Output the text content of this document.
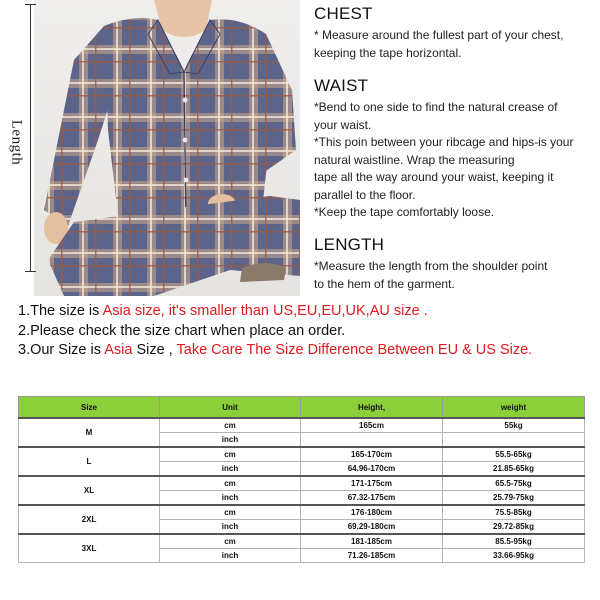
Length
CHEST

* Measure around the fullest part of your chest,

keeping the tape horizontal.

WAIST

*Bend to one side to find the natural crease of

your waist.

*This poin between your ribcage and hips-is your

natural waistline. Wrap the measuring

tape all the way around your waist, keeping it

parallel to the floor.

*Keep the tape comfortably loose.

LENGTH

*Measure the length from the shoulder point

to the hem of the garment.

1.The size is Asia size, it's smaller than US,EU,EU,UK,AU size .
2.Please check the size chart when place an order.
3.Our Size is Asia Size , Take Care The Size Difference Between EU & US Size.
Size	Unit	Height,	weight
M	cm	165cm	55kg
	inch		
L	cm	165-170cm	55.5-65kg
	inch	64.96-170cm	21.85-65kg
XL	cm	171-175cm	65.5-75kg
	inch	67.32-175cm	25.79-75kg
2XL	cm	176-180cm	75.5-85kg
	inch	69.29-180cm	29.72-85kg
3XL	cm	181-185cm	85.5-95kg
	inch	71.26-185cm	33.66-95kg
